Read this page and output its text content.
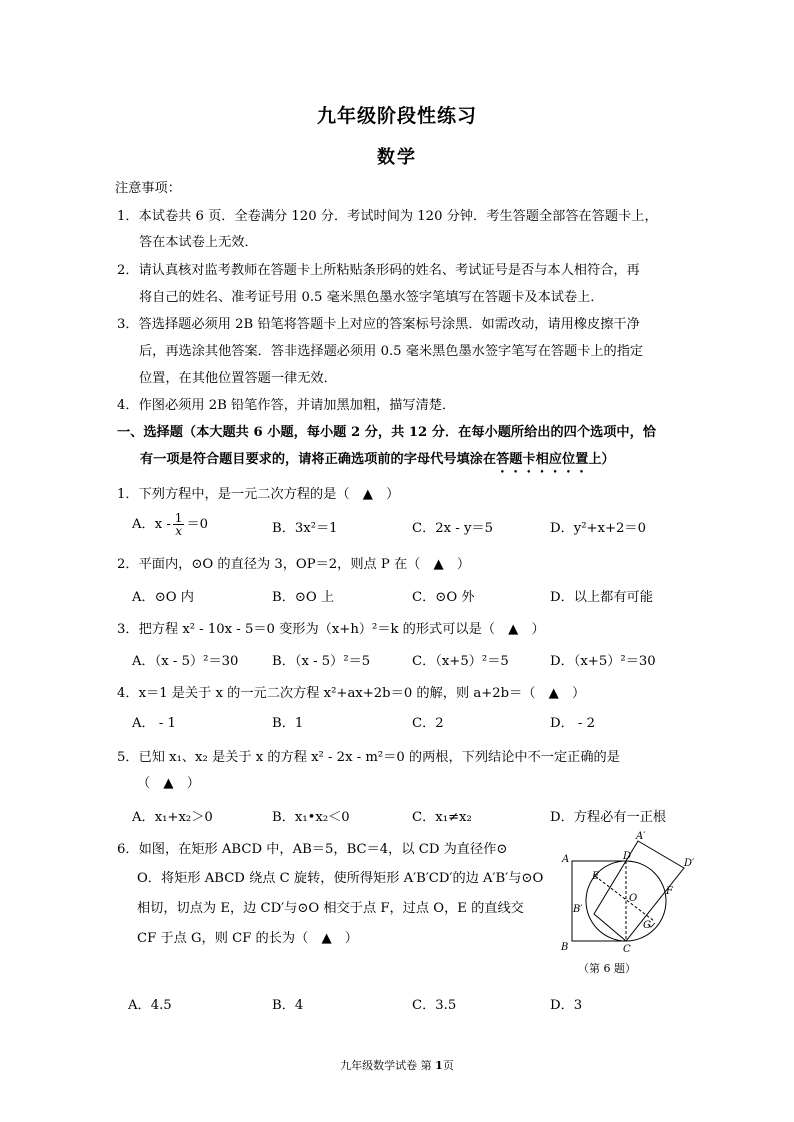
九年级阶段性练习
数学
注意事项：
1．本试卷共 6 页．全卷满分 120 分．考试时间为 120 分钟．考生答题全部答在答题卡上，
答在本试卷上无效．
2．请认真核对监考教师在答题卡上所粘贴条形码的姓名、考试证号是否与本人相符合，再
将自己的姓名、准考证号用 0.5 毫米黑色墨水签字笔填写在答题卡及本试卷上．
3．答选择题必须用 2B 铅笔将答题卡上对应的答案标号涂黑．如需改动，请用橡皮擦干净
后，再选涂其他答案．答非选择题必须用 0.5 毫米黑色墨水签字笔写在答题卡上的指定
位置，在其他位置答题一律无效．
4．作图必须用 2B 铅笔作答，并请加黑加粗，描写清楚．
一、选择题（本大题共 6 小题，每小题 2 分，共 12 分．在每小题所给出的四个选项中，恰
有一项是符合题目要求的，请将正确选项前的字母代号填涂在答题卡相应位置上）
1．下列方程中，是一元二次方程的是（　▲　）
A．$x - \frac{1}{x} =0$	B．3x²＝1	C．2x - y＝5	D．y²+x+2＝0
2．平面内，⊙O 的直径为 3，OP＝2，则点 P 在（　▲　）
A．⊙O 内	B．⊙O 上	C．⊙O 外	D．以上都有可能
3．把方程 x² - 10x - 5＝0 变形为（x+h）²＝k 的形式可以是（　▲　）
A．（x - 5）²＝30	B．（x - 5）²＝5	C．（x+5）²＝5	D．（x+5）²＝30
4．x＝1 是关于 x 的一元二次方程 x²+ax+2b＝0 的解，则 a+2b＝（　▲　）
A． - 1	B．1	C．2	D． - 2
5．已知 x₁、x₂ 是关于 x 的方程 x² - 2x - m²＝0 的两根，下列结论中不一定正确的是
（　▲　）
A．x₁+x₂＞0	B．x₁•x₂＜0	C．x₁≠x₂	D．方程必有一正根
6．如图，在矩形 ABCD 中，AB＝5，BC＝4，以 CD 为直径作⊙
O．将矩形 ABCD 绕点 C 旋转，使所得矩形 A′B′CD′的边 A′B′与⊙O
相切，切点为 E，边 CD′与⊙O 相交于点 F，过点 O，E 的直线交
CF 于点 G，则 CF 的长为（　▲　）
A．4.5	B．4	C．3.5	D．3
A
B	C
D
A′
D′
B′
E
F
G
O
（第 6 题）
九年级数学试卷 第 1页
